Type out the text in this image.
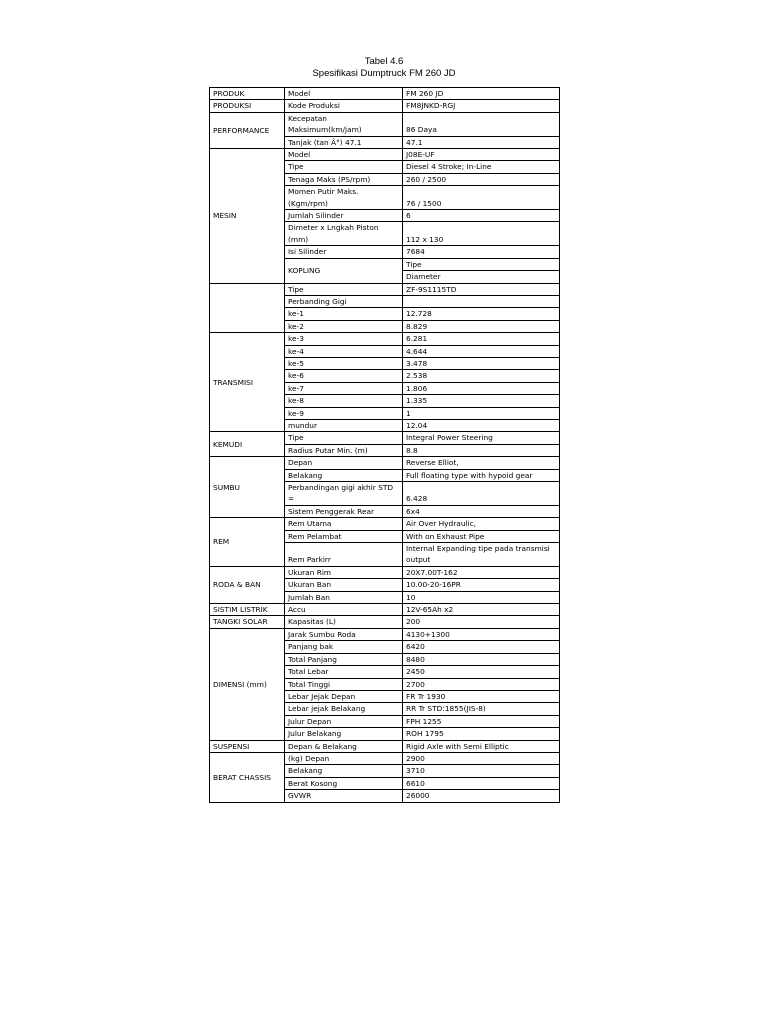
Tabel 4.6
Spesifikasi Dumptruck FM 260 JD
PRODUK	Model	FM 260 JD	
PRODUKSI	Kode Produksi	FM8JNKD-RGJ	
PERFORMANCE	Kecepatan Maksimum(km/jam)	86 Daya	
	Tanjak (tan Â°) 47.1	47.1	
MESIN	Model	J08E-UF	
	Tipe	Diesel 4 Stroke; In-Line	
	Tenaga Maks (PS/rpm)	260 / 2500	
	Momen Putir Maks. (Kgm/rpm)	76 / 1500	
	Jumlah Silinder	6	
	Dimeter x Lngkah Piston (mm)	112 x 130	
	Isi Silinder	7684	
	KOPLING	Tipe	
		Diameter	
	Tipe	ZF-9S1115TD	
	Perbanding Gigi		
	ke-1	12.728	
	ke-2	8.829	
TRANSMISI	ke-3	6.281	
	ke-4	4.644	
	ke-5	3.478	
	ke-6	2.538	
	ke-7	1.806	
	ke-8	1.335	
	ke-9	1	
	mundur	12.04	
KEMUDI	Tipe	Integral Power Steering	
	Radius Putar Min. (m)	8.8	
SUMBU	Depan	Reverse Elliot,	
	Belakang	Full floating type with hypoid gear	
	Perbandingan gigi akhir STD =	6.428	
	Sistem Penggerak Rear	6x4	
REM	Rem Utama	Air Over Hydraulic,	
	Rem Pelambat	With on Exhaust Pipe	
	Rem Parkirr	Internal Expanding tipe pada transmisi output	
RODA & BAN	Ukuran Rim	20X7.00T-162	
	Ukuran Ban	10.00-20-16PR	
	Jumlah Ban	10	
SISTIM LISTRIK	Accu	12V-65Ah x2	
TANGKI SOLAR	Kapasitas (L)	200	
DIMENSI (mm)	Jarak Sumbu Roda	4130+1300	
	Panjang bak	6420	
	Total Panjang	8480	
	Total Lebar	2450	
	Total Tinggi	2700	
	Lebar Jejak Depan	FR Tr 1930	
	Lebar jejak Belakang	RR Tr STD:1855(JIS-8)	
	Julur Depan	FPH 1255	
	Julur Belakang	ROH 1795	
SUSPENSI	Depan & Belakang	Rigid Axle with Semi Elliptic	
BERAT CHASSIS	(kg) Depan	2900	
	Belakang	3710	
	Berat Kosong	6610	
	GVWR	26000	
